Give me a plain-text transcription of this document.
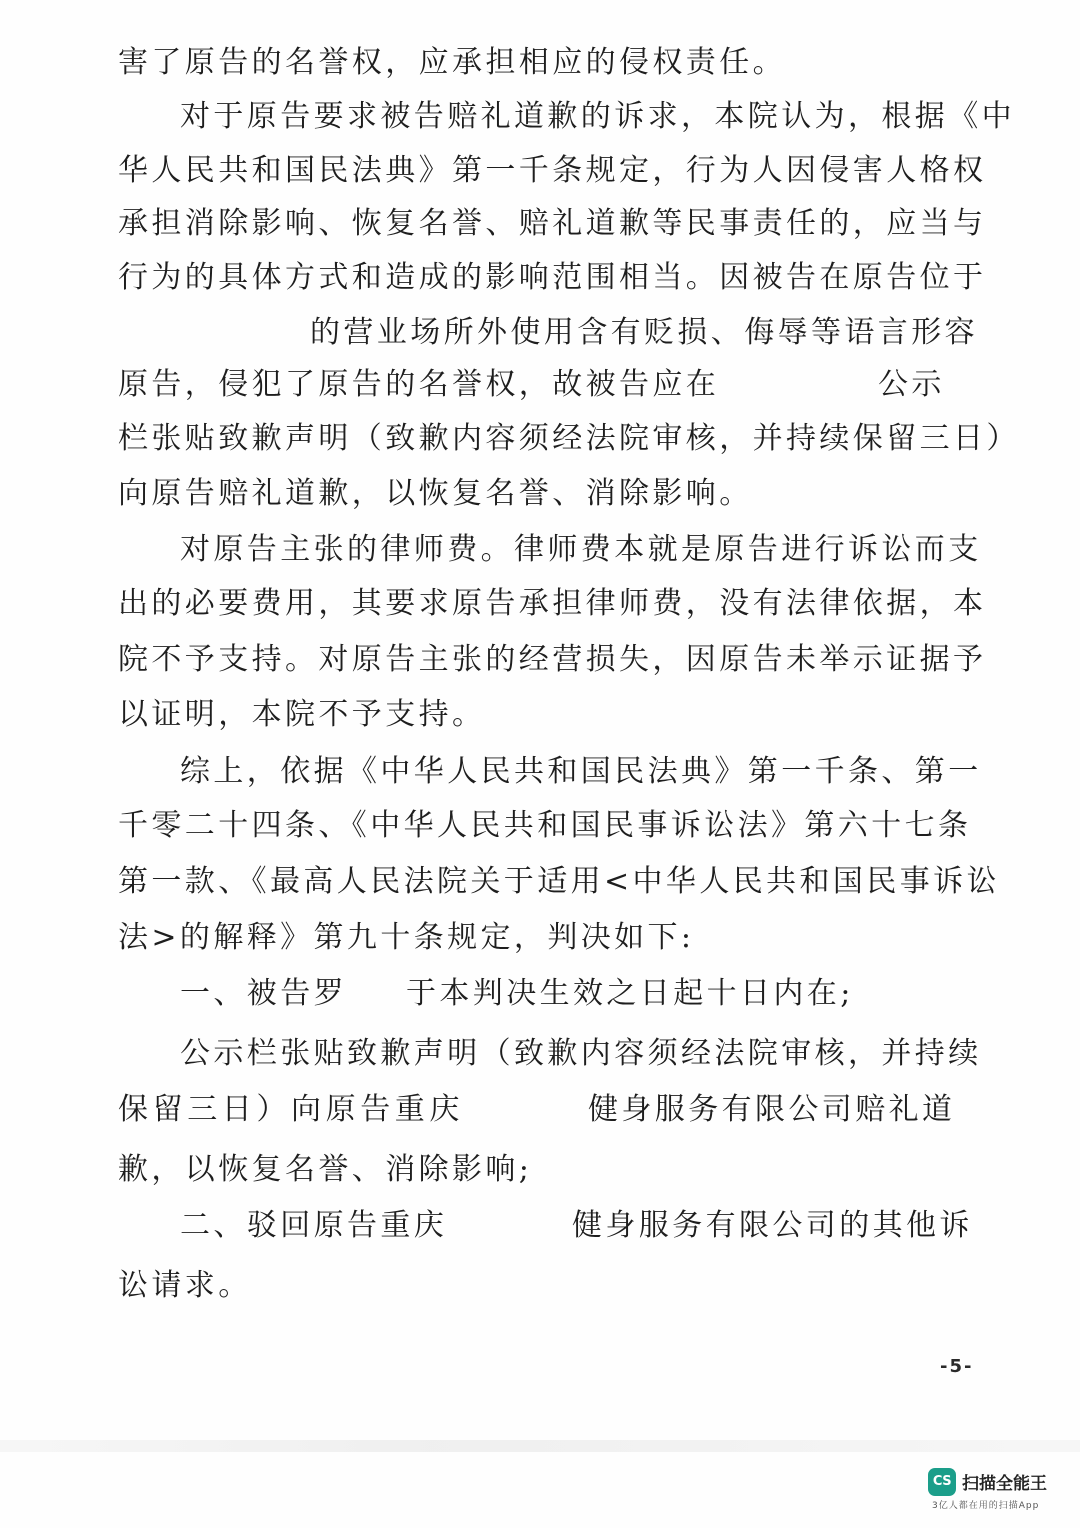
害了原告的名誉权，应承担相应的侵权责任。
对于原告要求被告赔礼道歉的诉求，本院认为，根据《中
华人民共和国民法典》第一千条规定，行为人因侵害人格权
承担消除影响、恢复名誉、赔礼道歉等民事责任的，应当与
行为的具体方式和造成的影响范围相当。因被告在原告位于
的营业场所外使用含有贬损、侮辱等语言形容
原告，侵犯了原告的名誉权，故被告应在	公示
栏张贴致歉声明（致歉内容须经法院审核，并持续保留三日）
向原告赔礼道歉，以恢复名誉、消除影响。
对原告主张的律师费。律师费本就是原告进行诉讼而支
出的必要费用，其要求原告承担律师费，没有法律依据，本
院不予支持。对原告主张的经营损失，因原告未举示证据予
以证明，本院不予支持。
综上，依据《中华人民共和国民法典》第一千条、第一
千零二十四条、《中华人民共和国民事诉讼法》第六十七条
第一款、《最高人民法院关于适用<中华人民共和国民事诉讼
法>的解释》第九十条规定，判决如下:
一、被告罗 于本判决生效之日起十日内在;
公示栏张贴致歉声明（致歉内容须经法院审核，并持续
保留三日）向原告重庆	健身服务有限公司赔礼道
歉，以恢复名誉、消除影响;
二、驳回原告重庆	健身服务有限公司的其他诉
讼请求。
-5-
CS 扫描全能王
3亿人都在用的扫描App
